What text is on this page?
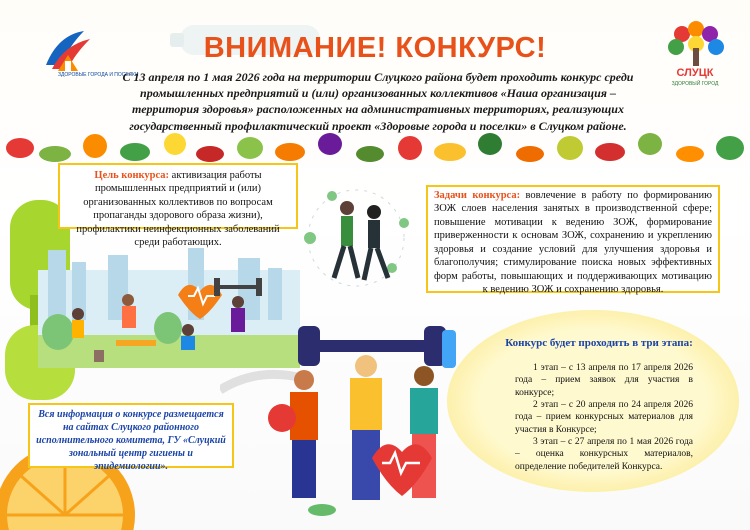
ЗДОРОВЫЕ ГОРОДА И ПОСЕЛКИ	СЛУЦК
ЗДОРОВЫЙ ГОРОД
ВНИМАНИЕ! КОНКУРС!
С 13 апреля по 1 мая 2026 года на территории Слуцкого района будет проходить конкурс среди промышленных предприятий и (или) организованных коллективов «Наша организация – территория здоровья» расположенных на административных территориях, реализующих государственный профилактический проект «Здоровые города и поселки» в Слуцком районе.
Цель конкурса: активизация работы промышленных предприятий и (или) организованных коллективов по вопросам пропаганды здорового образа жизни), профилактики неинфекционных заболеваний среди работающих.
Задачи конкурса: вовлечение в работу по формированию ЗОЖ слоев населения занятых в производственной сфере; повышение мотивации к ведению ЗОЖ, формирование приверженности к основам ЗОЖ, сохранению и укреплению здоровья и создание условий для улучшения здоровья и благополучия; стимулирование поиска новых эффективных форм работы, повышающих и поддерживающих мотивацию к ведению ЗОЖ и сохранению здоровья.
Вся информация о конкурсе размещается на сайтах Слуцкого районного исполнительного комитета, ГУ «Слуцкий зональный центр гигиены и эпидемиологии».
Конкурс будет проходить в три этапа:

1 этап – с 13 апреля по 17 апреля 2026 года – прием заявок для участия в конкурсе;

2 этап – с 20 апреля по 24 апреля 2026 года – прием конкурсных материалов для участия в Конкурсе;

3 этап – с 27 апреля по 1 мая 2026 года – оценка конкурсных материалов, определение победителей Конкурса.
